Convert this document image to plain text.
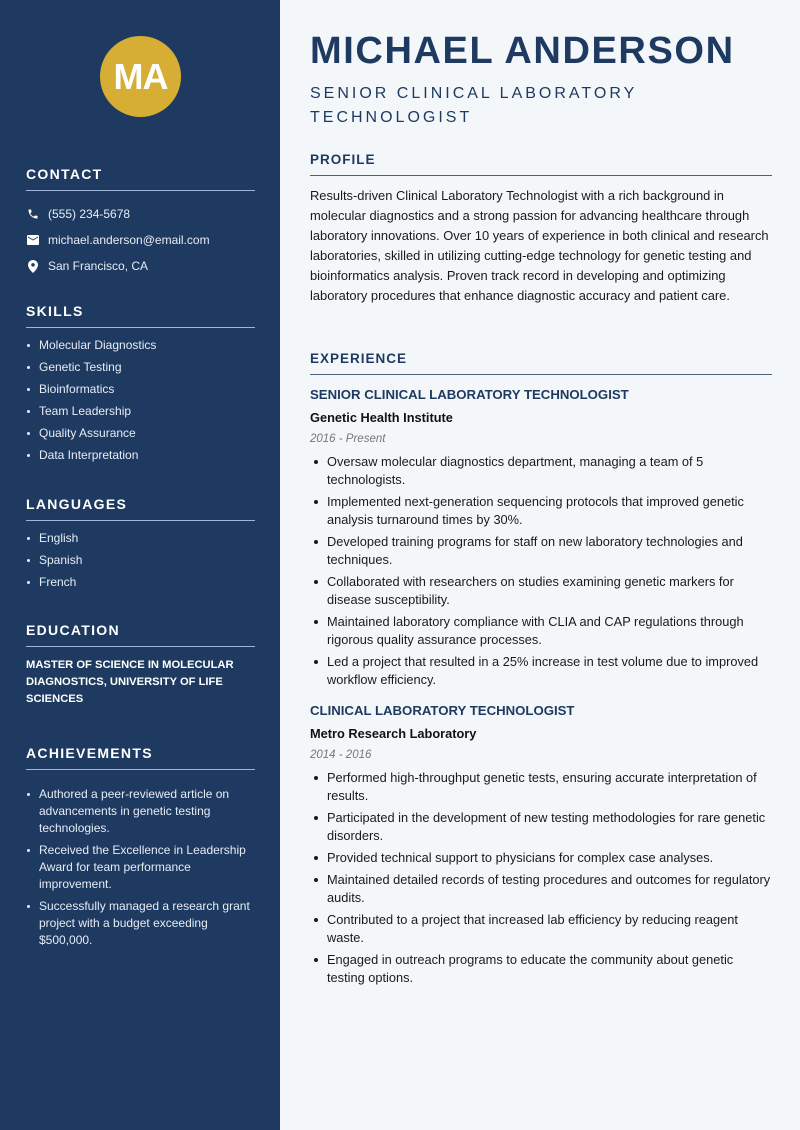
MA
CONTACT
(555) 234-5678
michael.anderson@email.com
San Francisco, CA
SKILLS
Molecular Diagnostics
Genetic Testing
Bioinformatics
Team Leadership
Quality Assurance
Data Interpretation
LANGUAGES
English
Spanish
French
EDUCATION

MASTER OF SCIENCE IN MOLECULAR DIAGNOSTICS, UNIVERSITY OF LIFE SCIENCES

ACHIEVEMENTS
Authored a peer-reviewed article on advancements in genetic testing technologies.
Received the Excellence in Leadership Award for team performance improvement.
Successfully managed a research grant project with a budget exceeding $500,000.
MICHAEL ANDERSON
SENIOR CLINICAL LABORATORY TECHNOLOGIST
PROFILE

Results-driven Clinical Laboratory Technologist with a rich background in molecular diagnostics and a strong passion for advancing healthcare through laboratory innovations. Over 10 years of experience in both clinical and research laboratories, skilled in utilizing cutting-edge technology for genetic testing and bioinformatics analysis. Proven track record in developing and optimizing laboratory procedures that enhance diagnostic accuracy and patient care.

EXPERIENCE
SENIOR CLINICAL LABORATORY TECHNOLOGIST
Genetic Health Institute
2016 - Present
Oversaw molecular diagnostics department, managing a team of 5 technologists.
Implemented next-generation sequencing protocols that improved genetic analysis turnaround times by 30%.
Developed training programs for staff on new laboratory technologies and techniques.
Collaborated with researchers on studies examining genetic markers for disease susceptibility.
Maintained laboratory compliance with CLIA and CAP regulations through rigorous quality assurance processes.
Led a project that resulted in a 25% increase in test volume due to improved workflow efficiency.
CLINICAL LABORATORY TECHNOLOGIST
Metro Research Laboratory
2014 - 2016
Performed high-throughput genetic tests, ensuring accurate interpretation of results.
Participated in the development of new testing methodologies for rare genetic disorders.
Provided technical support to physicians for complex case analyses.
Maintained detailed records of testing procedures and outcomes for regulatory audits.
Contributed to a project that increased lab efficiency by reducing reagent waste.
Engaged in outreach programs to educate the community about genetic testing options.
